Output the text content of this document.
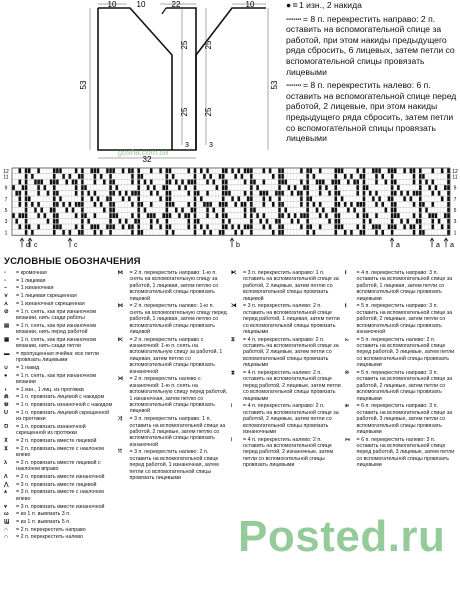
10	10	22	10
53
25
25
3
53
25
25
3
32
gosha.com.ua
● = 1 изн., 2 накида
∙∙∙∙∙∙∙∙ = 8 п. перекрестить направо: 2 п. оставить на вспомогательной спице за работой, при этом накиды предыдущего ряда сбросить, 6 лицевых, затем петли со вспомогательной спицы провязать лицевыми
∙∙∙∙∙∙∙∙ = 8 п. перекрестить налево: 6 п. оставить на вспомогательной спице перед работой, 2 лицевые, при этом накиды предыдущего ряда сбросить, затем петли со вспомогательной спицы провязать лицевыми
12	12
11	11
9	9
7	7
5	5
3	3
1	1
d c	c	b	a	a a
УСЛОВНЫЕ ОБОЗНАЧЕНИЯ
▫	= кромочная
▫	= 1 лицевая
–	= 1 изнаночная
⋎	= 1 лицевая скрещенная
⋏	= 1 изнаночная скрещенная
⊘	= 1 п. снять, как при изнаночном вязании, нить сзади работы
▤	= 1 п. снять, как при изнаночном вязании, нить перед работой
▦	= 1 п. снять, как при изнаночном вязании, нить сзади петли
▬	= пропущенная ячейка: все петли провязать лицевыми
∪	= 1 накид
●	= 1 п. снять, как при изнаночном вязании
◖	= 1 изн., 1 лиц. из протяжки
⋒	= 1 п. провязать лицевой с накидом
⋓	= 1 п. провязать изнаночной с накидом
U	= 1 п. провязать лицевой скрещенной из протяжки
Ʊ	= 1 п. провязать изнаночной скрещенной из протяжки
⊼	= 2 п. провязать вместе лицевой
⊻	= 2 п. провязать вместе с наклоном влево
λ	= 2 п. провязать вместе лицевой с наклоном вправо
Λ	= 2 п. провязать вместе изнаночной
⋀	= 3 п. провязать вместе лицевой
⩚	= 3 п. провязать вместе с наклоном влево
⩛	= 3 п. провязать вместе изнаночной
ω	= из 1 п. вывязать 3 п.
Ϣ	= из 1 п. вывязать 5 п.
∩	= 2 п. перекрестить направо
∩	= 2 п. перекрестить налево
⋈	= 2 п. перекрестить направо: 1-ю п. снять на вспомогательную спицу за работой, 1 лицевая, затем петлю со вспомогательной спицы провязать лицевой
⋈	= 2 п. перекрестить налево: 1-ю п. снять на вспомогательную спицу перед работой, 1 лицевая, затем петлю со вспомогательной спицы провязать лицевой
⋉	= 2 п. перекрестить направо с изнаночной: 1-ю п. снять на вспомогательную спицу за работой, 1 лицевая, затем петлю со вспомогательной спицы провязать изнаночной
⋊	= 2 п. перекрестить налево с изнаночной: 1-ю п. снять на вспомогательную спицу перед работой, 1 изнаночная, затем петлю со вспомогательной спицы провязать лицевой
⤨	= 3 п. перекрестить направо: 1 п. оставить на вспомогательной спице за работой, 2 лицевые, затем петлю со вспомогательной спицы провязать изнаночной
⤧	= 3 п. перекрестить налево: 2 п. оставить на вспомогательной спице перед работой, 1 изнаночная, затем петли со вспомогательной спицы провязать лицевыми
⧔	= 3 п. перекрестить направо: 1 п. оставить на вспомогательной спице за работой, 2 лицевые, затем петлю со вспомогательной спицы провязать лицевой
⧕	= 3 п. перекрестить налево: 2 п. оставить на вспомогательной спице перед работой, 1 лицевая, затем петли со вспомогательной спицы провязать лицевыми
⧖	= 4 п. перекрестить направо: 2 п. оставить на вспомогательной спице за работой, 2 лицевые, затем петли со вспомогательной спицы провязать лицевыми
⧗	= 4 п. перекрестить налево: 2 п. оставить на вспомогательной спице перед работой, 2 лицевые, затем петли со вспомогательной спицы провязать лицевыми
⧘	= 4 п. перекрестить направо: 2 п. оставить на вспомогательной спице за работой, 2 лицевые, затем петли со вспомогательной спицы провязать изнаночными
⧙	= 4 п. перекрестить налево: 2 п. оставить на вспомогательной спице перед работой, 2 изнаночные, затем петли со вспомогательной спицы провязать лицевыми
⧚	= 4 п. перекрестить направо: 3 п. оставить на вспомогательной спице за работой, 1 лицевая, затем петли со вспомогательной спицы провязать лицевыми
⧛	= 5 п. перекрестить направо: 3 п. оставить на вспомогательной спице за работой, 2 лицевые, затем петли со вспомогательной спицы провязать изнаночной
⧜	= 5 п. перекрестить налево: 2 п. оставить на вспомогательной спице перед работой, 3 лицевые, затем петли со вспомогательной спицы провязать лицевыми
⧝	= 5 п. перекрестить направо: 3 п. оставить на вспомогательной спице за работой, 2 лицевые, затем петли со вспомогательной спицы провязать лицевыми
⧞	= 6 п. перекрестить направо: 3 п. оставить на вспомогательной спице за работой, 3 лицевые, затем петли со вспомогательной спицы провязать лицевыми
⧟	= 6 п. перекрестить налево: 3 п. оставить на вспомогательной спице перед работой, 3 лицевые, затем петли со вспомогательной спицы провязать лицевыми
Posted.ru
